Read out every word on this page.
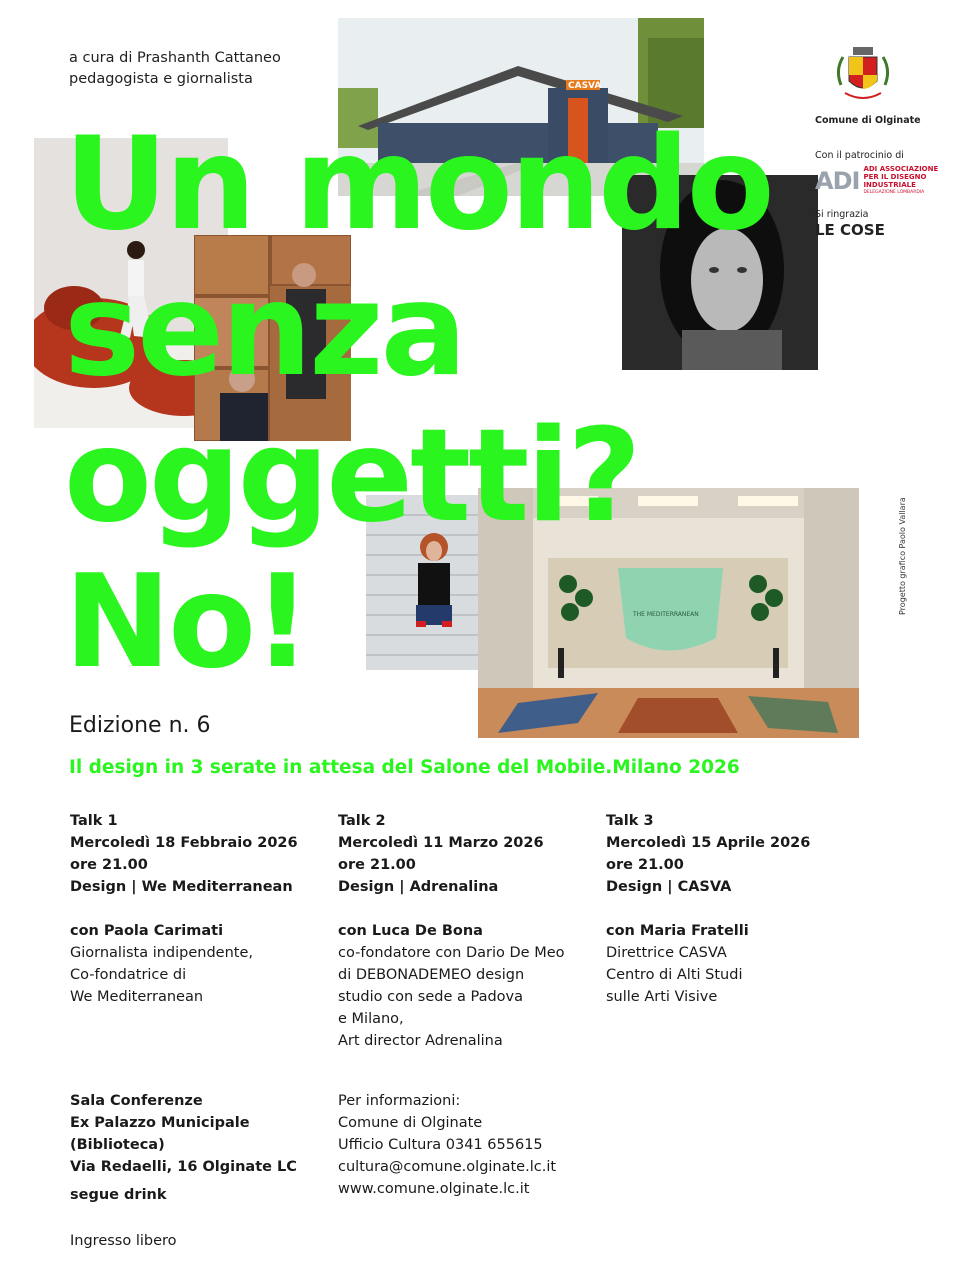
a cura di Prashanth Cattaneo
pedagogista e giornalista	CASVA
THE MEDITERRANEAN
Un mondo
senza
oggetti?
No!
Comune di Olginate
Con il patrocinio di
ADI ADI ASSOCIAZIONE PER IL DISEGNO INDUSTRIALE
DELEGAZIONE LOMBARDIA
Si ringrazia
LE COSE
Progetto grafico Paolo Vallara
Edizione n. 6
Il design in 3 serate in attesa del Salone del Mobile.Milano 2026
Talk 1
Mercoledì 18 Febbraio 2026
ore 21.00
Design | We Mediterranean
con Paola Carimati
Giornalista indipendente,
Co-fondatrice di
We Mediterranean
Talk 2
Mercoledì 11 Marzo 2026
ore 21.00
Design | Adrenalina
con Luca De Bona
co-fondatore con Dario De Meo
di DEBONADEMEO design
studio con sede a Padova
e Milano,
Art director Adrenalina
Talk 3
Mercoledì 15 Aprile 2026
ore 21.00
Design | CASVA
con Maria Fratelli
Direttrice CASVA
Centro di Alti Studi
sulle Arti Visive
Sala Conferenze
Ex Palazzo Municipale
(Biblioteca)
Via Redaelli, 16 Olginate LC
segue drink
Ingresso libero
Per informazioni:
Comune di Olginate
Ufficio Cultura 0341 655615
cultura@comune.olginate.lc.it
www.comune.olginate.lc.it
